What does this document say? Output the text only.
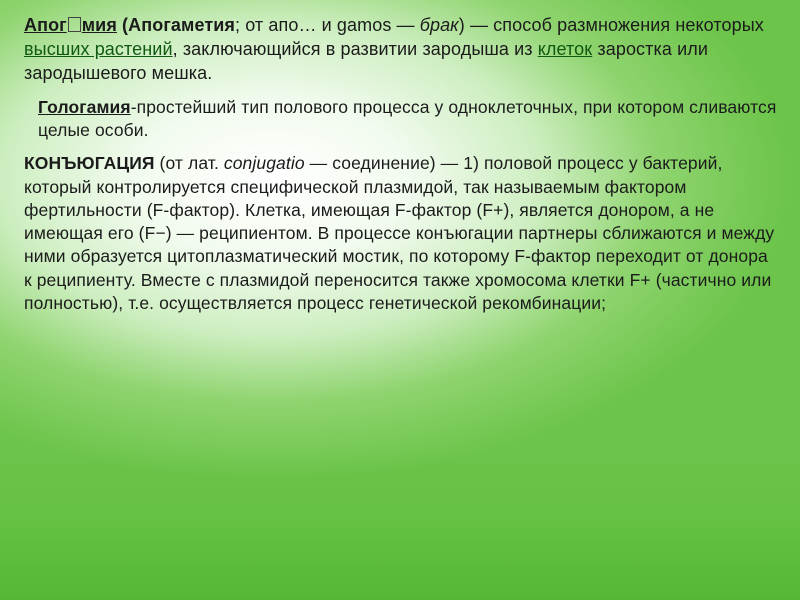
Апог мия (Апогаметия; от апо… и gamos — брак) — способ размножения некоторых высших растений, заключающийся в развитии зародыша из клеток заростка или зародышевого мешка.

Гологамия-простейший тип полового процесса у одноклеточных, при котором сливаются целые особи.

КОНЪЮГАЦИЯ (от лат. conjugatio — соединение) — 1) половой процесс у бактерий, который контролируется специфической плазмидой, так называемым фактором фертильности (F-фактор). Клетка, имеющая F-фактор (F+), является донором, а не имеющая его (F−) — реципиентом. В процессе конъюгации партнеры сближаются и между ними образуется цитоплазматический мостик, по которому F-фактор переходит от донора к реципиенту. Вместе с плазмидой переносится также хромосома клетки F+ (частично или полностью), т.е. осуществляется процесс генетической рекомбинации;
